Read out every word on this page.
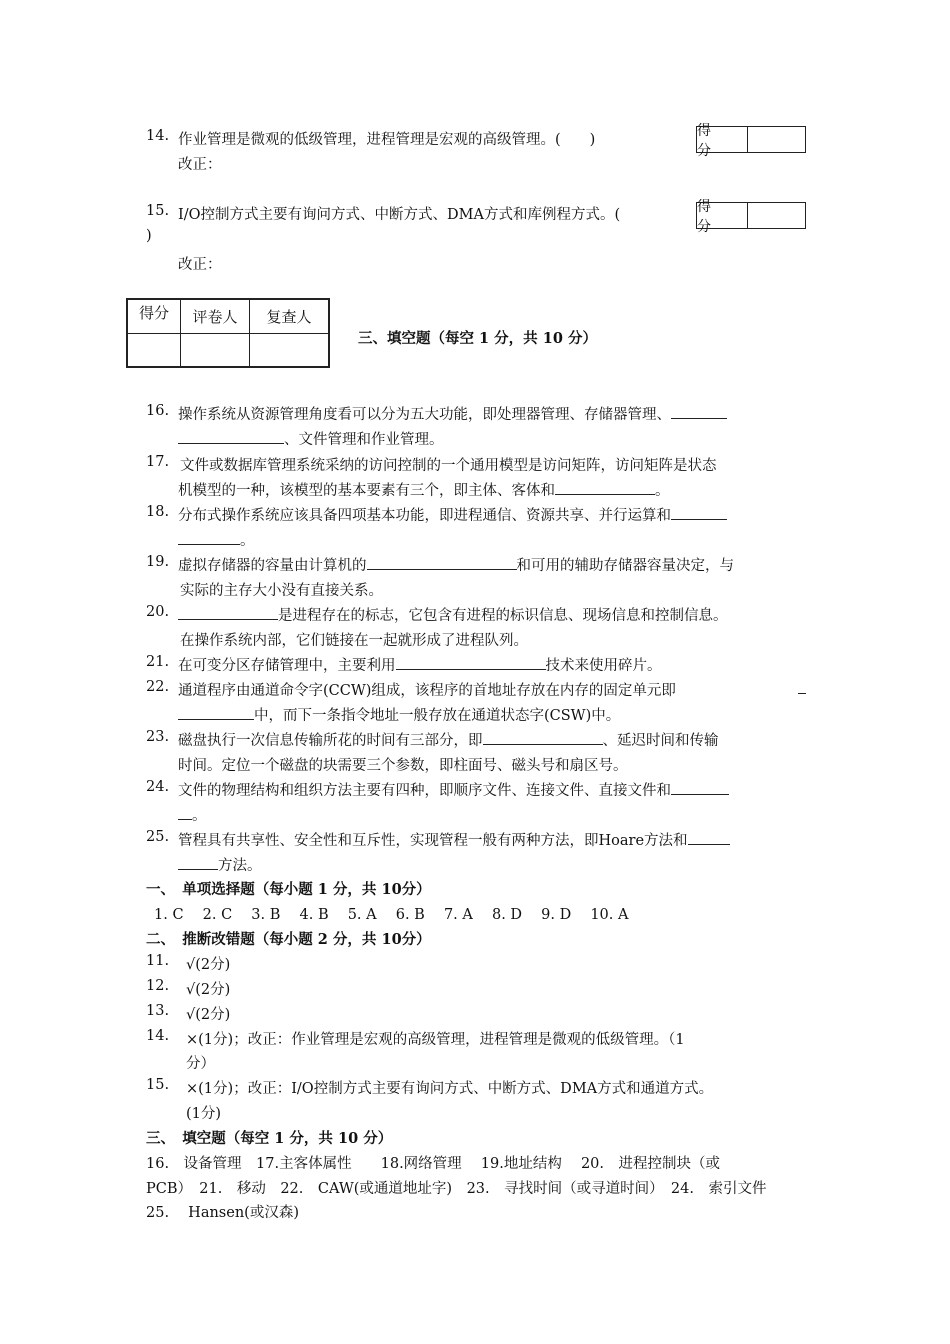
14. 作业管理是微观的低级管理，进程管理是宏观的高级管理。(　　)
改正：
得 分
15. I/O控制方式主要有询问方式、中断方式、DMA方式和库例程方式。(
)
改正：
得 分
得分	评卷人	复查人

三、填空题（每空 1 分，共 10 分）
16. 操作系统从资源管理角度看可以分为五大功能，即处理器管理、存储器管理、
、文件管理和作业管理。
17. 文件或数据库管理系统采纳的访问控制的一个通用模型是访问矩阵，访问矩阵是状态
机模型的一种，该模型的基本要素有三个，即主体、客体和	。
18. 分布式操作系统应该具备四项基本功能，即进程通信、资源共享、并行运算和
。
19. 虚拟存储器的容量由计算机的	和可用的辅助存储器容量决定，与
实际的主存大小没有直接关系。
20.	是进程存在的标志，它包含有进程的标识信息、现场信息和控制信息。
在操作系统内部，它们链接在一起就形成了进程队列。
21. 在可变分区存储管理中，主要利用	技术来使用碎片。
22. 通道程序由通道命令字(CCW)组成，该程序的首地址存放在内存的固定单元即
中，而下一条指令地址一般存放在通道状态字(CSW)中。
23. 磁盘执行一次信息传输所花的时间有三部分，即	、延迟时间和传输
时间。定位一个磁盘的块需要三个参数，即柱面号、磁头号和扇区号。
24. 文件的物理结构和组织方法主要有四种，即顺序文件、连接文件、直接文件和
。
25. 管程具有共享性、安全性和互斥性，实现管程一般有两种方法，即Hoare方法和
方法。
一、　单项选择题（每小题 1 分，共 10分）
1. C　 2. C　 3. B　 4. B　 5. A　 6. B　 7. A　 8. D　 9. D　 10. A
二、　推断改错题（每小题 2 分，共 10分）
11. √(2分)
12. √(2分)
13. √(2分)
14. ×(1分)；改正：作业管理是宏观的高级管理，进程管理是微观的低级管理。（1
分）
15. ×(1分)；改正：I/O控制方式主要有询问方式、中断方式、DMA方式和通道方式。
(1分)
三、　填空题（每空 1 分，共 10 分）
16.　设备管理　17.主客体属性　　18.网络管理　 19.地址结构　 20.　进程控制块（或
PCB）　21.　移动　22.　CAW(或通道地址字)　23.　寻找时间（或寻道时间）　24.　索引文件
25.　 Hansen(或汉森)
